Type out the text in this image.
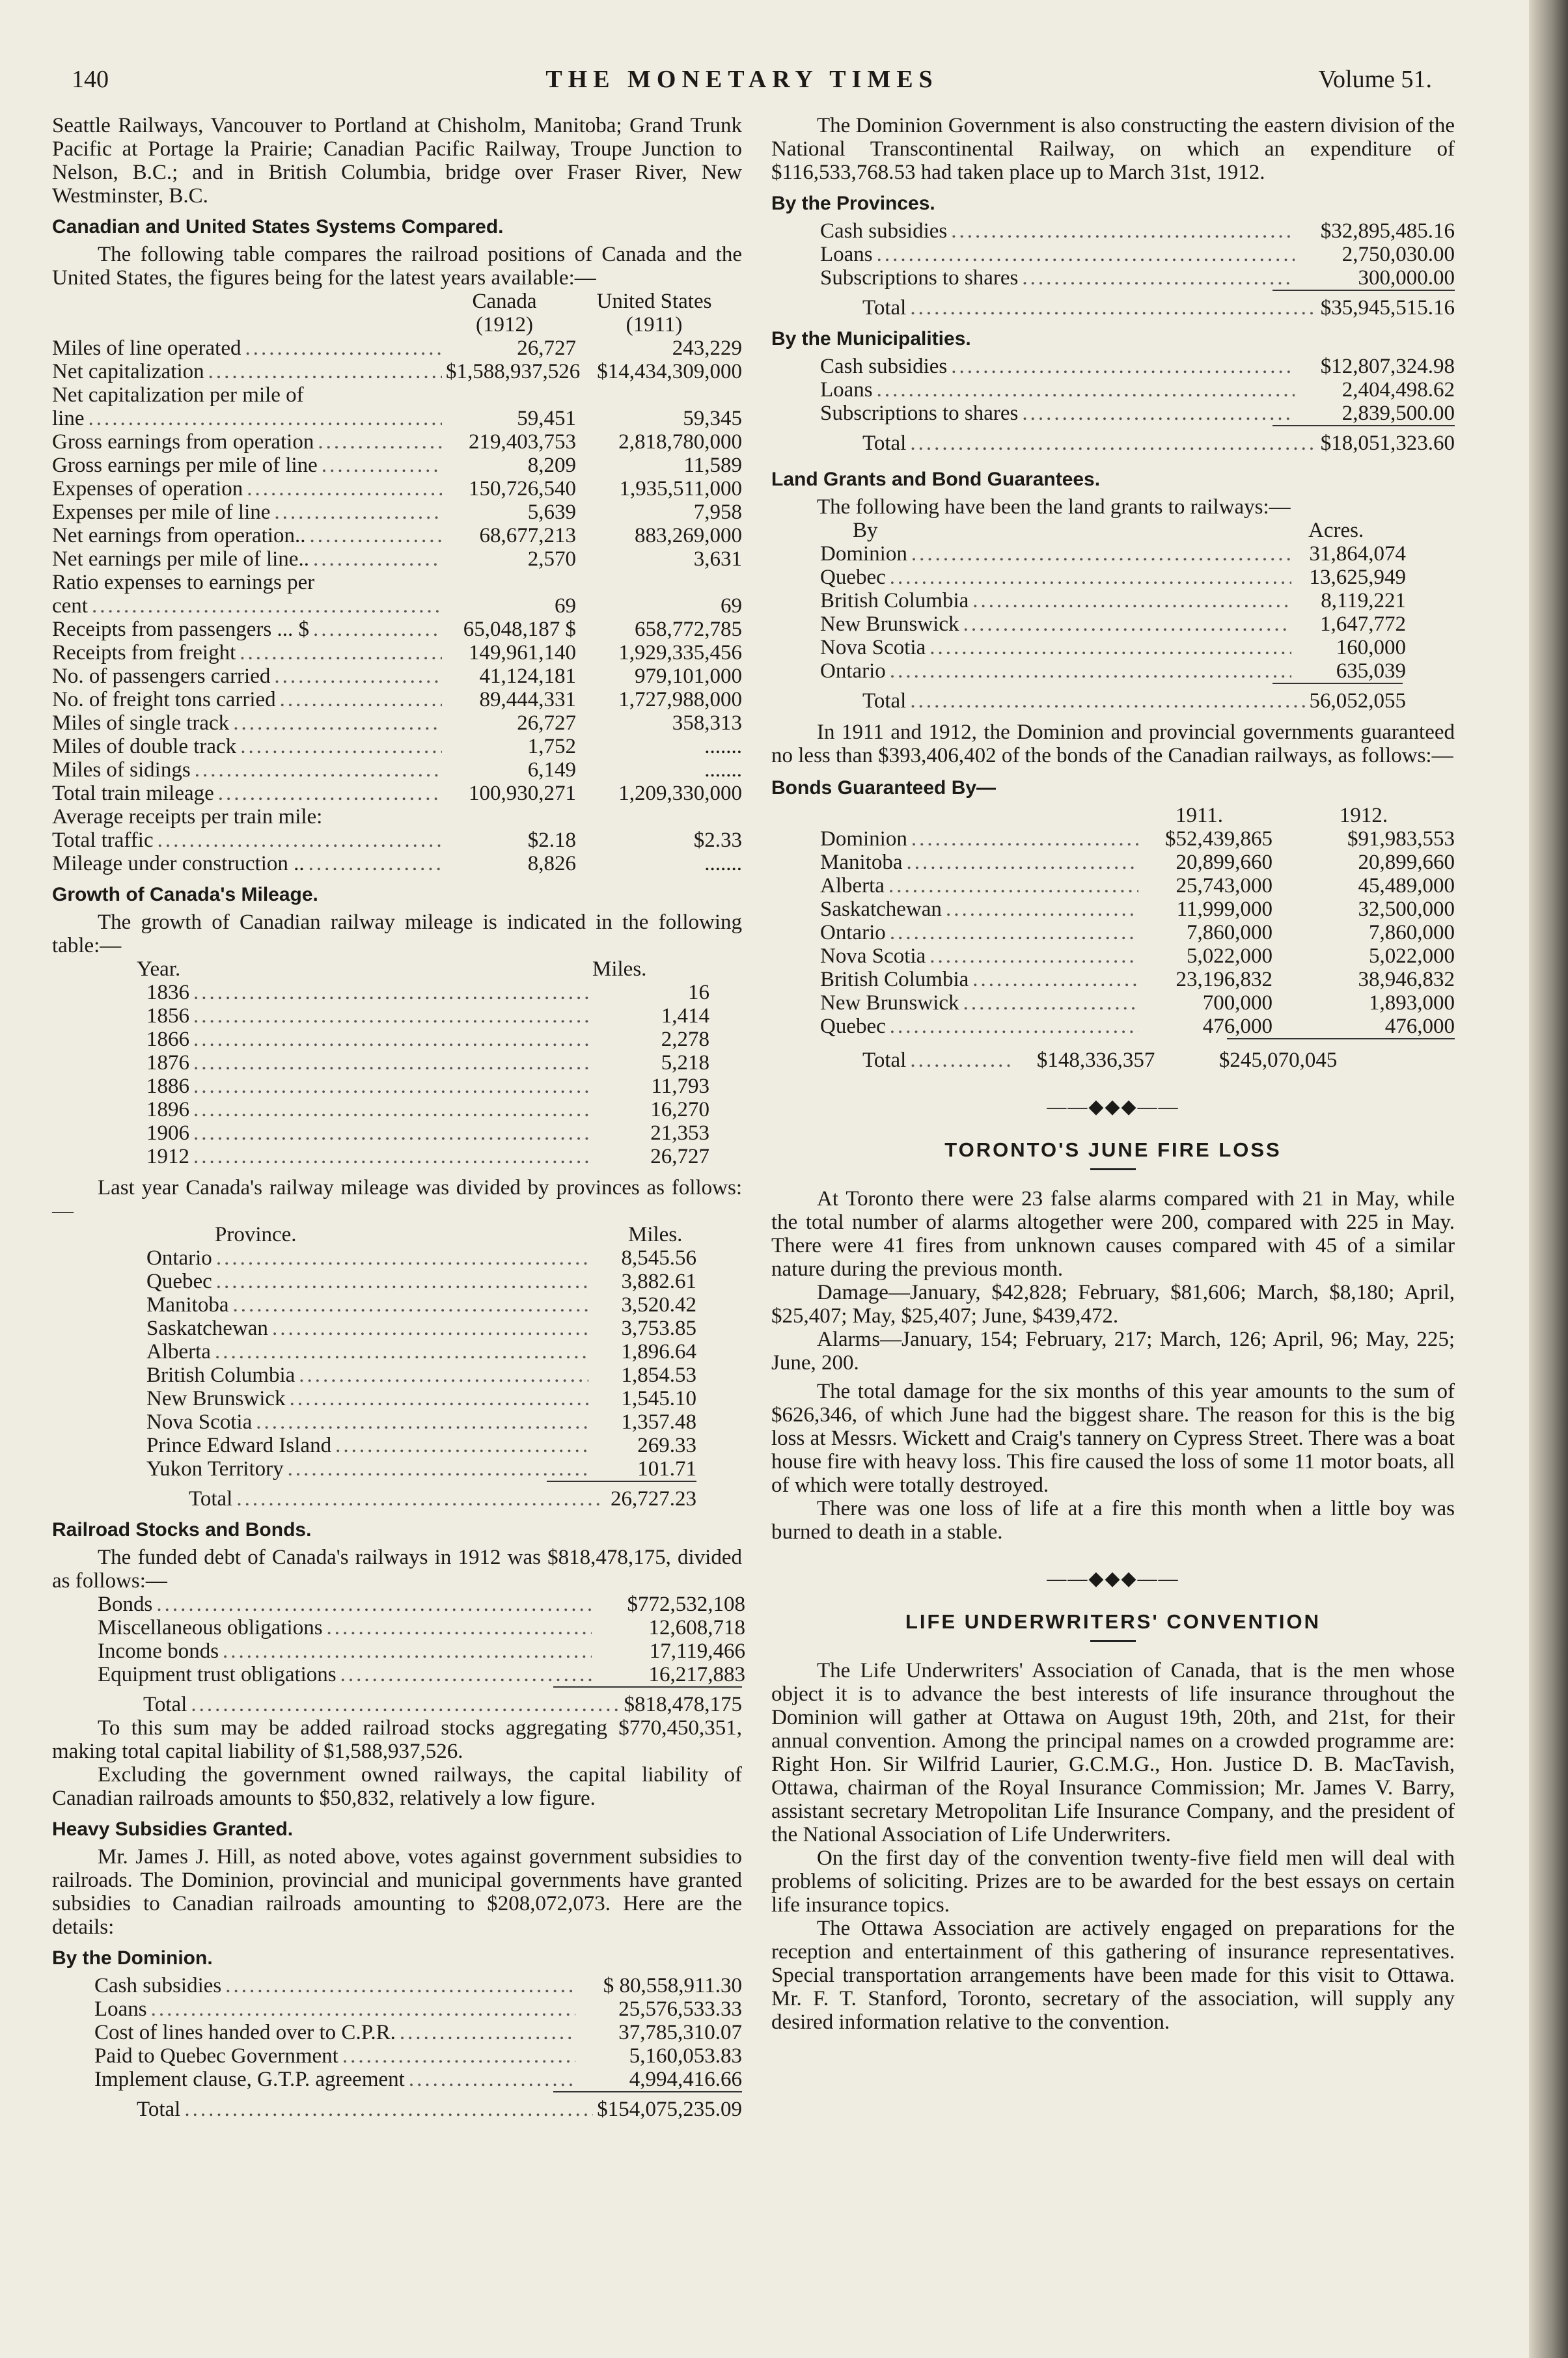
140	THE MONETARY TIMES	Volume 51.

Seattle Railways, Vancouver to Portland at Chisholm, Manitoba; Grand Trunk Pacific at Portage la Prairie; Canadian Pacific Railway, Troupe Junction to Nelson, B.C.; and in British Columbia, bridge over Fraser River, New Westminster, B.C.

Canadian and United States Systems Compared.

The following table compares the railroad positions of Canada and the United States, the figures being for the latest years available:—

Canada
(1912)
United States
(1911)
Miles of line operated .....	26,727	243,229
Net capitalization .....	$1,588,937,526 $14,434,309,000
Net capitalization per mile of
line .....	59,451	59,345
Gross earnings from operation .....	219,403,753	2,818,780,000
Gross earnings per mile of line .....	8,209	11,589
Expenses of operation .....	150,726,540	1,935,511,000
Expenses per mile of line .....	5,639	7,958
Net earnings from operation.. .....	68,677,213	883,269,000
Net earnings per mile of line.. .....	2,570	3,631
Ratio expenses to earnings per
cent .....	69	69
Receipts from passengers ... $ .....	65,048,187 $	658,772,785
Receipts from freight .....	149,961,140	1,929,335,456
No. of passengers carried .....	41,124,181	979,101,000
No. of freight tons carried .....	89,444,331	1,727,988,000
Miles of single track .....	26,727	358,313
Miles of double track .....	1,752	.......
Miles of sidings .....	6,149	.......
Total train mileage .....	100,930,271	1,209,330,000
Average receipts per train mile:
Total traffic .....	$2.18	$2.33
Mileage under construction .. .....	8,826	.......
Growth of Canada's Mileage.

The growth of Canadian railway mileage is indicated in the following table:—

Year.	Miles.
1836 .....	16
1856 .....	1,414
1866 .....	2,278
1876 .....	5,218
1886 .....	11,793
1896 .....	16,270
1906 .....	21,353
1912 .....	26,727

Last year Canada's railway mileage was divided by provinces as follows:—

Province.	Miles.
Ontario .....	8,545.56
Quebec .....	3,882.61
Manitoba .....	3,520.42
Saskatchewan .....	3,753.85
Alberta .....	1,896.64
British Columbia .....	1,854.53
New Brunswick .....	1,545.10
Nova Scotia .....	1,357.48
Prince Edward Island .....	269.33
Yukon Territory .....	101.71
Total .....	26,727.23
Railroad Stocks and Bonds.

The funded debt of Canada's railways in 1912 was $818,478,175, divided as follows:—

Bonds .....	$772,532,108
Miscellaneous obligations .....	12,608,718
Income bonds .....	17,119,466
Equipment trust obligations .....	16,217,883
Total .....	$818,478,175

To this sum may be added railroad stocks aggregating $770,450,351, making total capital liability of $1,588,937,526.

Excluding the government owned railways, the capital liability of Canadian railroads amounts to $50,832, relatively a low figure.

Heavy Subsidies Granted.

Mr. James J. Hill, as noted above, votes against government subsidies to railroads. The Dominion, provincial and municipal governments have granted subsidies to Canadian railroads amounting to $208,072,073. Here are the details:

By the Dominion.
Cash subsidies .....	$ 80,558,911.30
Loans .....	25,576,533.33
Cost of lines handed over to C.P.R. .....	37,785,310.07
Paid to Quebec Government .....	5,160,053.83
Implement clause, G.T.P. agreement .....	4,994,416.66
Total .....	$154,075,235.09

The Dominion Government is also constructing the eastern division of the National Transcontinental Railway, on which an expenditure of $116,533,768.53 had taken place up to March 31st, 1912.

By the Provinces.
Cash subsidies .....	$32,895,485.16
Loans .....	2,750,030.00
Subscriptions to shares .....	300,000.00
Total .....	$35,945,515.16
By the Municipalities.
Cash subsidies .....	$12,807,324.98
Loans .....	2,404,498.62
Subscriptions to shares .....	2,839,500.00
Total .....	$18,051,323.60
Land Grants and Bond Guarantees.

The following have been the land grants to railways:—

By	Acres.
Dominion .....	31,864,074
Quebec .....	13,625,949
British Columbia .....	8,119,221
New Brunswick .....	1,647,772
Nova Scotia .....	160,000
Ontario .....	635,039
Total .....	56,052,055

In 1911 and 1912, the Dominion and provincial governments guaranteed no less than $393,406,402 of the bonds of the Canadian railways, as follows:—

Bonds Guaranteed By—
1911.	1912.
Dominion .....	$52,439,865	$91,983,553
Manitoba .....	20,899,660	20,899,660
Alberta .....	25,743,000	45,489,000
Saskatchewan .....	11,999,000	32,500,000
Ontario .....	7,860,000	7,860,000
Nova Scotia .....	5,022,000	5,022,000
British Columbia .....	23,196,832	38,946,832
New Brunswick .....	700,000	1,893,000
Quebec .....	476,000	476,000
Total .....	$148,336,357	$245,070,045
——◆◆◆——
TORONTO'S JUNE FIRE LOSS

At Toronto there were 23 false alarms compared with 21 in May, while the total number of alarms altogether were 200, compared with 225 in May. There were 41 fires from unknown causes compared with 45 of a similar nature during the previous month.

Damage—January, $42,828; February, $81,606; March, $8,180; April, $25,407; May, $25,407; June, $439,472.

Alarms—January, 154; February, 217; March, 126; April, 96; May, 225; June, 200.

The total damage for the six months of this year amounts to the sum of $626,346, of which June had the biggest share. The reason for this is the big loss at Messrs. Wickett and Craig's tannery on Cypress Street. There was a boat house fire with heavy loss. This fire caused the loss of some 11 motor boats, all of which were totally destroyed.

There was one loss of life at a fire this month when a little boy was burned to death in a stable.

——◆◆◆——
LIFE UNDERWRITERS' CONVENTION

The Life Underwriters' Association of Canada, that is the men whose object it is to advance the best interests of life insurance throughout the Dominion will gather at Ottawa on August 19th, 20th, and 21st, for their annual convention. Among the principal names on a crowded programme are: Right Hon. Sir Wilfrid Laurier, G.C.M.G., Hon. Justice D. B. MacTavish, Ottawa, chairman of the Royal Insurance Commission; Mr. James V. Barry, assistant secretary Metropolitan Life Insurance Company, and the president of the National Association of Life Underwriters.

On the first day of the convention twenty-five field men will deal with problems of soliciting. Prizes are to be awarded for the best essays on certain life insurance topics.

The Ottawa Association are actively engaged on preparations for the reception and entertainment of this gathering of insurance representatives. Special transportation arrangements have been made for this visit to Ottawa. Mr. F. T. Stanford, Toronto, secretary of the association, will supply any desired information relative to the convention.
